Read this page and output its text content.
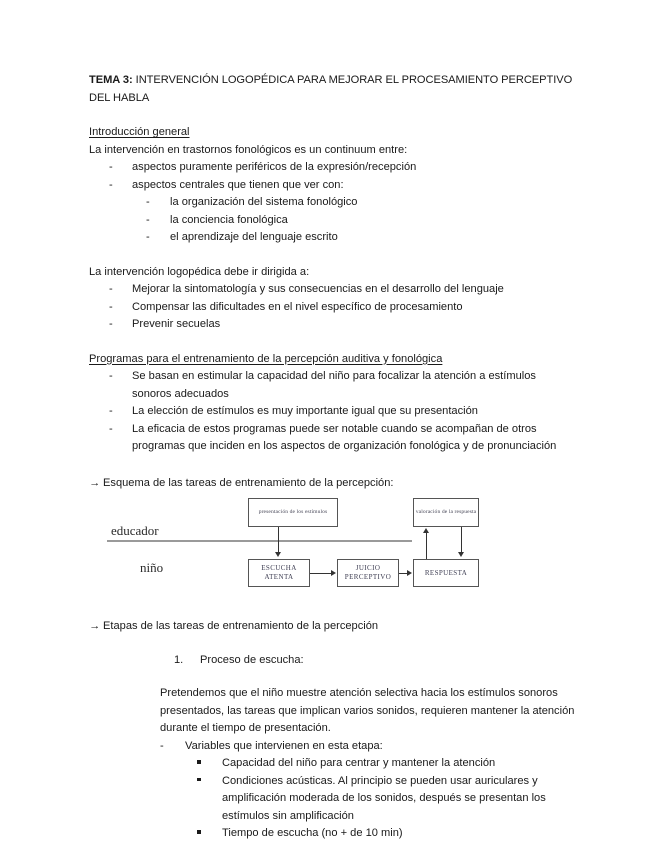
TEMA 3: INTERVENCIÓN LOGOPÉDICA PARA MEJORAR EL PROCESAMIENTO PERCEPTIVO DEL HABLA

Introducción general

La intervención en trastornos fonológicos es un continuum entre:

-	aspectos puramente periféricos de la expresión/recepción
-	aspectos centrales que tienen que ver con:
-	la organización del sistema fonológico
-	la conciencia fonológica
-	el aprendizaje del lenguaje escrito

La intervención logopédica debe ir dirigida a:

-	Mejorar la sintomatología y sus consecuencias en el desarrollo del lenguaje
-	Compensar las dificultades en el nivel específico de procesamiento
-	Prevenir secuelas

Programas para el entrenamiento de la percepción auditiva y fonológica

-	Se basan en estimular la capacidad del niño para focalizar la atención a estímulos sonoros adecuados
-	La elección de estímulos es muy importante igual que su presentación
-	La eficacia de estos programas puede ser notable cuando se acompañan de otros programas que inciden en los aspectos de organización fonológica y de pronunciación
→ Esquema de las tareas de entrenamiento de la percepción:
educador
niño
presentación de los estímulos	valoración de la respuesta
ESCUCHA
ATENTA
JUICIO
PERCEPTIVO
RESPUESTA
→ Etapas de las tareas de entrenamiento de la percepción
1.	Proceso de escucha:

Pretendemos que el niño muestre atención selectiva hacia los estímulos sonoros presentados, las tareas que implican varios sonidos, requieren mantener la atención durante el tiempo de presentación.

-	Variables que intervienen en esta etapa:
Capacidad del niño para centrar y mantener la atención
Condiciones acústicas. Al principio se pueden usar auriculares y amplificación moderada de los sonidos, después se presentan los estímulos sin amplificación
Tiempo de escucha (no + de 10 min)
